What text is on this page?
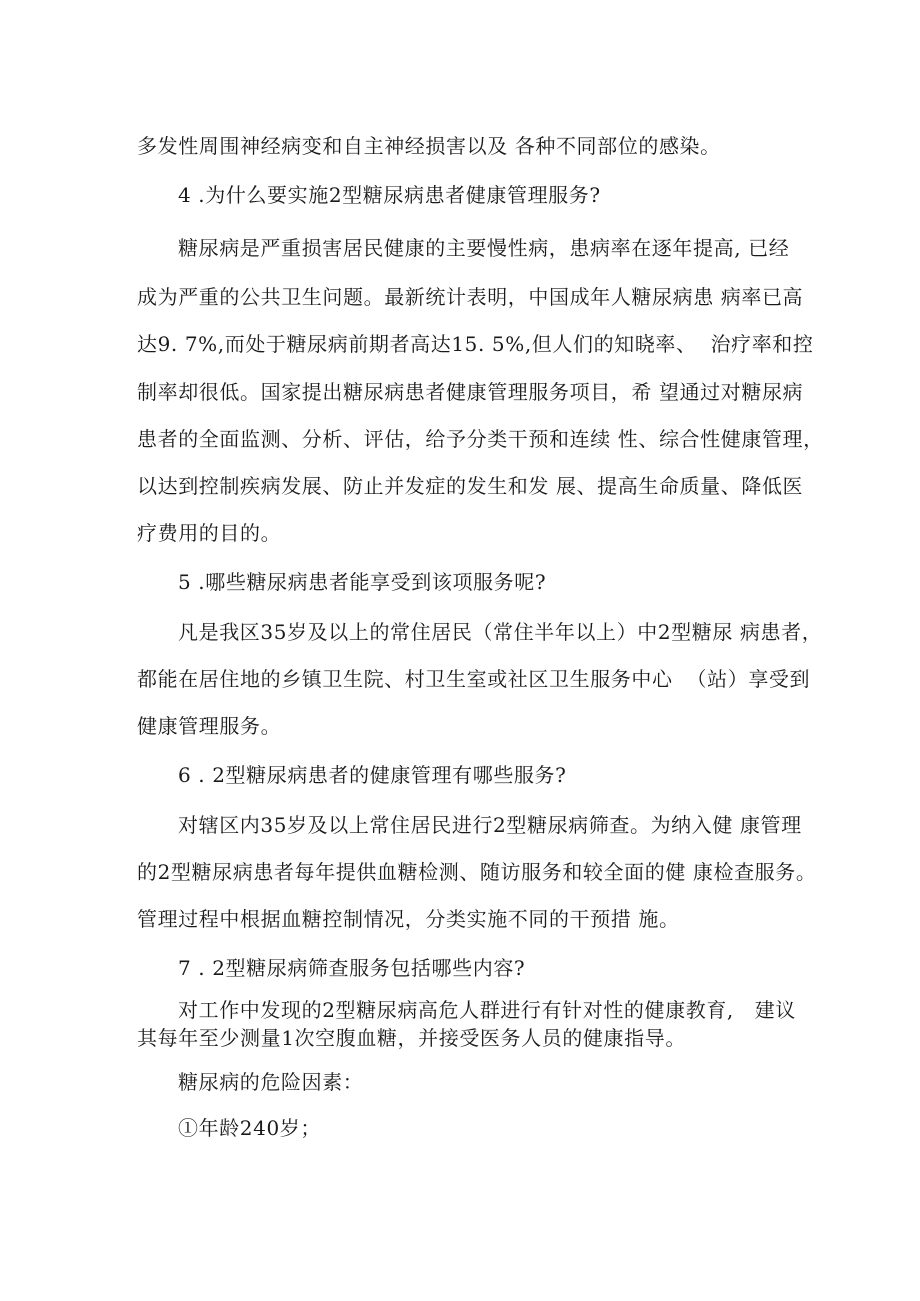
多发性周围神经病变和自主神经损害以及 各种不同部位的感染。
4 .为什么要实施2型糖尿病患者健康管理服务?
糖尿病是严重损害居民健康的主要慢性病，患病率在逐年提高, 已经
成为严重的公共卫生问题。最新统计表明，中国成年人糖尿病患 病率已高
达9. 7%,而处于糖尿病前期者高达15. 5%,但人们的知晓率、  治疗率和控
制率却很低。国家提出糖尿病患者健康管理服务项目，希 望通过对糖尿病
患者的全面监测、分析、评估，给予分类干预和连续 性、综合性健康管理，
以达到控制疾病发展、防止并发症的发生和发 展、提高生命质量、降低医
疗费用的目的。
5 .哪些糖尿病患者能享受到该项服务呢?
凡是我区35岁及以上的常住居民（常住半年以上）中2型糖尿 病患者，
都能在居住地的乡镇卫生院、村卫生室或社区卫生服务中心  （站）享受到
健康管理服务。
6 . 2型糖尿病患者的健康管理有哪些服务?
对辖区内35岁及以上常住居民进行2型糖尿病筛查。为纳入健 康管理
的2型糖尿病患者每年提供血糖检测、随访服务和较全面的健 康检查服务。
管理过程中根据血糖控制情况，分类实施不同的干预措 施。
7 . 2型糖尿病筛查服务包括哪些内容?
对工作中发现的2型糖尿病高危人群进行有针对性的健康教育,   建议
其每年至少测量1次空腹血糖，并接受医务人员的健康指导。
糖尿病的危险因素：
①年龄240岁；
